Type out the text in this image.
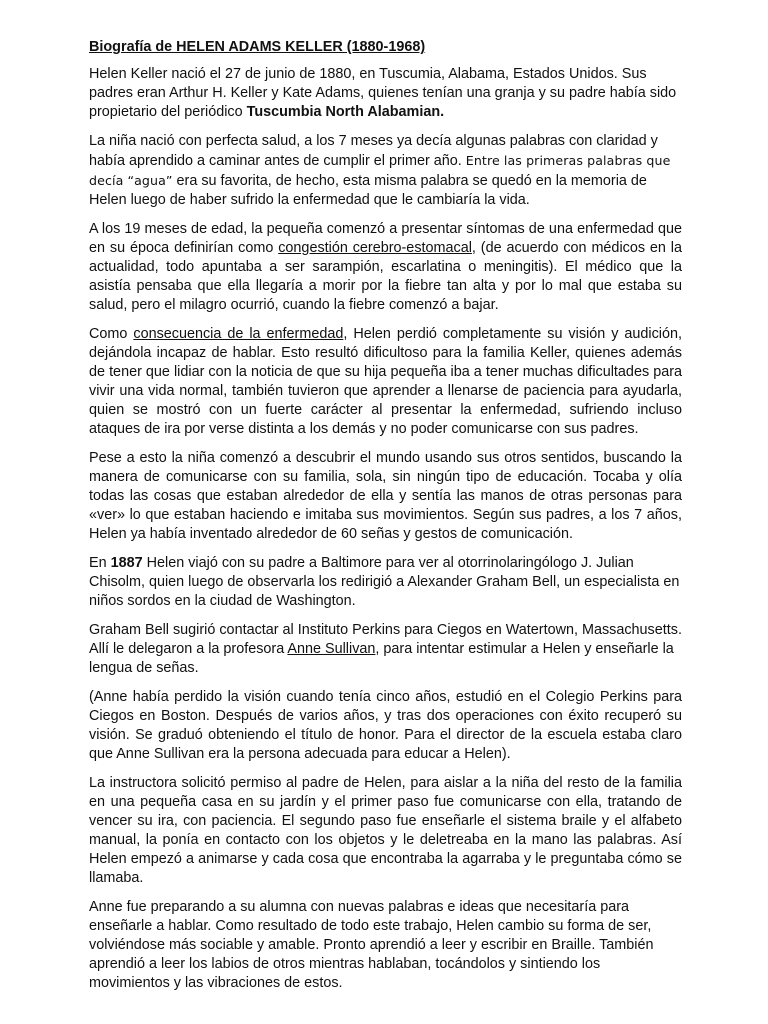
Biografía de HELEN ADAMS KELLER (1880-1968)

Helen Keller nació el 27 de junio de 1880, en Tuscumia, Alabama, Estados Unidos. Sus padres eran Arthur H. Keller y Kate Adams, quienes tenían una granja y su padre había sido propietario del periódico Tuscumbia North Alabamian.

La niña nació con perfecta salud, a los 7 meses ya decía algunas palabras con claridad y había aprendido a caminar antes de cumplir el primer año. Entre las primeras palabras que decía “agua” era su favorita, de hecho, esta misma palabra se quedó en la memoria de Helen luego de haber sufrido la enfermedad que le cambiaría la vida.

A los 19 meses de edad, la pequeña comenzó a presentar síntomas de una enfermedad que en su época definirían como congestión cerebro-estomacal, (de acuerdo con médicos en la actualidad, todo apuntaba a ser sarampión, escarlatina o meningitis). El médico que la asistía pensaba que ella llegaría a morir por la fiebre tan alta y por lo mal que estaba su salud, pero el milagro ocurrió, cuando la fiebre comenzó a bajar.

Como consecuencia de la enfermedad, Helen perdió completamente su visión y audición, dejándola incapaz de hablar. Esto resultó dificultoso para la familia Keller, quienes además de tener que lidiar con la noticia de que su hija pequeña iba a tener muchas dificultades para vivir una vida normal, también tuvieron que aprender a llenarse de paciencia para ayudarla, quien se mostró con un fuerte carácter al presentar la enfermedad, sufriendo incluso ataques de ira por verse distinta a los demás y no poder comunicarse con sus padres.

Pese a esto la niña comenzó a descubrir el mundo usando sus otros sentidos, buscando la manera de comunicarse con su familia, sola, sin ningún tipo de educación. Tocaba y olía todas las cosas que estaban alrededor de ella y sentía las manos de otras personas para «ver» lo que estaban haciendo e imitaba sus movimientos. Según sus padres, a los 7 años, Helen ya había inventado alrededor de 60 señas y gestos de comunicación.

En 1887 Helen viajó con su padre a Baltimore para ver al otorrinolaringólogo J. Julian Chisolm, quien luego de observarla los redirigió a Alexander Graham Bell, un especialista en niños sordos en la ciudad de Washington.

Graham Bell sugirió contactar al Instituto Perkins para Ciegos en Watertown, Massachusetts. Allí le delegaron a la profesora Anne Sullivan, para intentar estimular a Helen y enseñarle la lengua de señas.

(Anne había perdido la visión cuando tenía cinco años, estudió en el Colegio Perkins para Ciegos en Boston. Después de varios años, y tras dos operaciones con éxito recuperó su visión. Se graduó obteniendo el título de honor. Para el director de la escuela estaba claro que Anne Sullivan era la persona adecuada para educar a Helen).

La instructora solicitó permiso al padre de Helen, para aislar a la niña del resto de la familia en una pequeña casa en su jardín y el primer paso fue comunicarse con ella, tratando de vencer su ira, con paciencia. El segundo paso fue enseñarle el sistema braile y el alfabeto manual, la ponía en contacto con los objetos y le deletreaba en la mano las palabras. Así Helen empezó a animarse y cada cosa que encontraba la agarraba y le preguntaba cómo se llamaba.

Anne fue preparando a su alumna con nuevas palabras e ideas que necesitaría para enseñarle a hablar. Como resultado de todo este trabajo, Helen cambio su forma de ser, volviéndose más sociable y amable. Pronto aprendió a leer y escribir en Braille. También aprendió a leer los labios de otros mientras hablaban, tocándolos y sintiendo los movimientos y las vibraciones de estos.
